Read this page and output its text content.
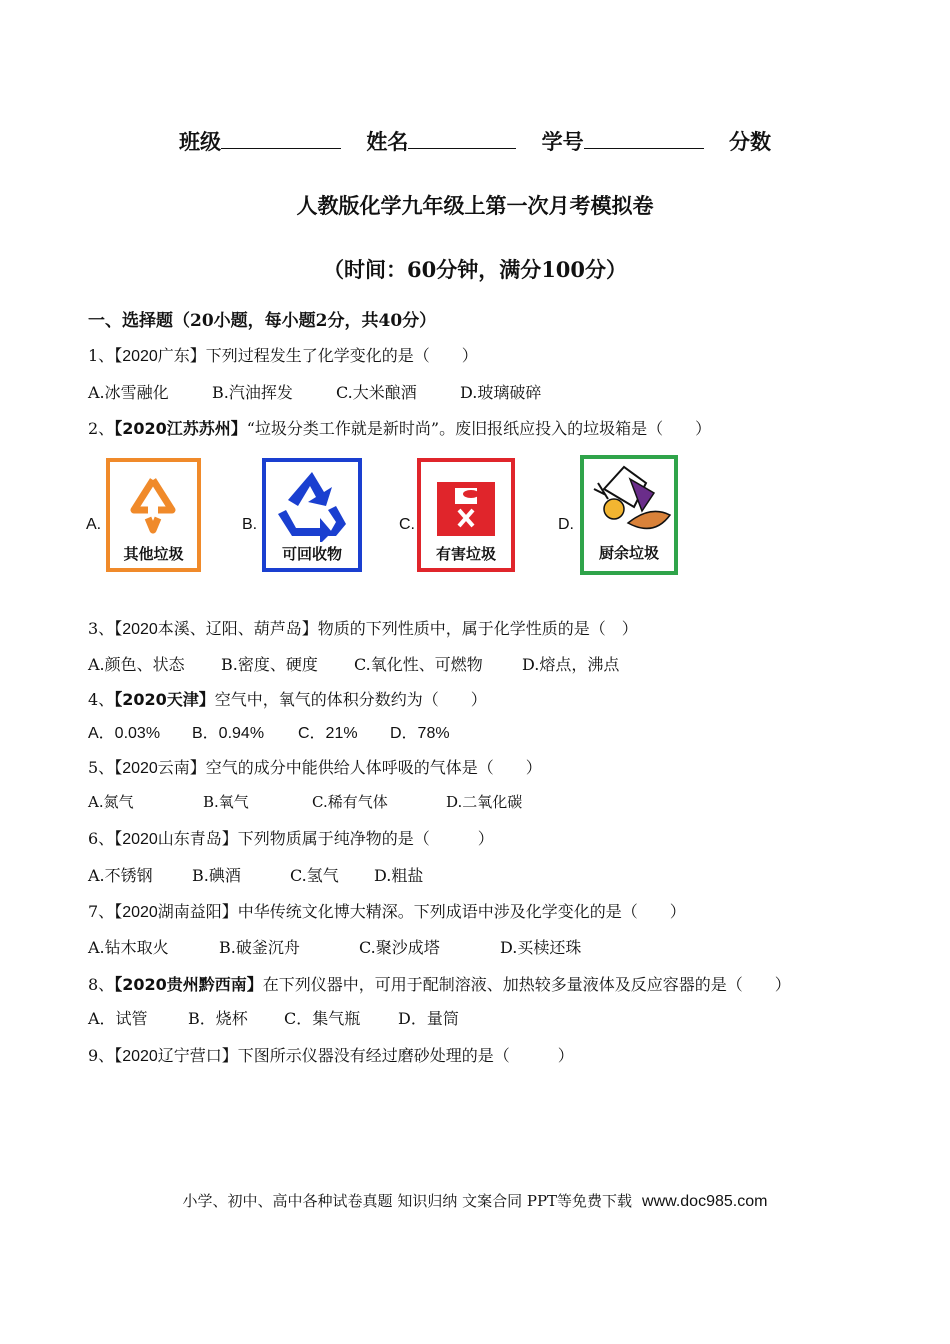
班级	姓名	学号	分数
人教版化学九年级上第一次月考模拟卷
（时间：60分钟，满分100分）
一、选择题（20小题，每小题2分，共40分）
1、【2020广东】下列过程发生了化学变化的是（　　）
A.冰雪融化	B.汽油挥发	C.大米酿酒	D.玻璃破碎
2、【2020江苏苏州】“垃圾分类工作就是新时尚”。废旧报纸应投入的垃圾箱是（　　）
A.
其他垃圾
B.
可回收物
C.
有害垃圾
D.
厨余垃圾
3、【2020本溪、辽阳、葫芦岛】物质的下列性质中，属于化学性质的是（　）
A.颜色、状态 B.密度、硬度 C.氧化性、可燃物 D.熔点，沸点
4、【2020天津】空气中，氧气的体积分数约为（　　）
A．0.03% B．0.94% C．21% D．78%
5、【2020云南】空气的成分中能供给人体呼吸的气体是（　　）
A.氮气	B.氧气	C.稀有气体	D.二氧化碳
6、【2020山东青岛】下列物质属于纯净物的是（　　　）
A.不锈钢 B.碘酒	C.氢气 D.粗盐
7、【2020湖南益阳】中华传统文化博大精深。下列成语中涉及化学变化的是（　　）
A.钻木取火	B.破釜沉舟	C.聚沙成塔	D.买椟还珠
8、【2020贵州黔西南】在下列仪器中，可用于配制溶液、加热较多量液体及反应容器的是（　　）
A．试管	B．烧杯 C．集气瓶 D．量筒
9、【2020辽宁营口】下图所示仪器没有经过磨砂处理的是（　　　）
小学、初中、高中各种试卷真题 知识归纳 文案合同 PPT等免费下载 www.doc985.com
